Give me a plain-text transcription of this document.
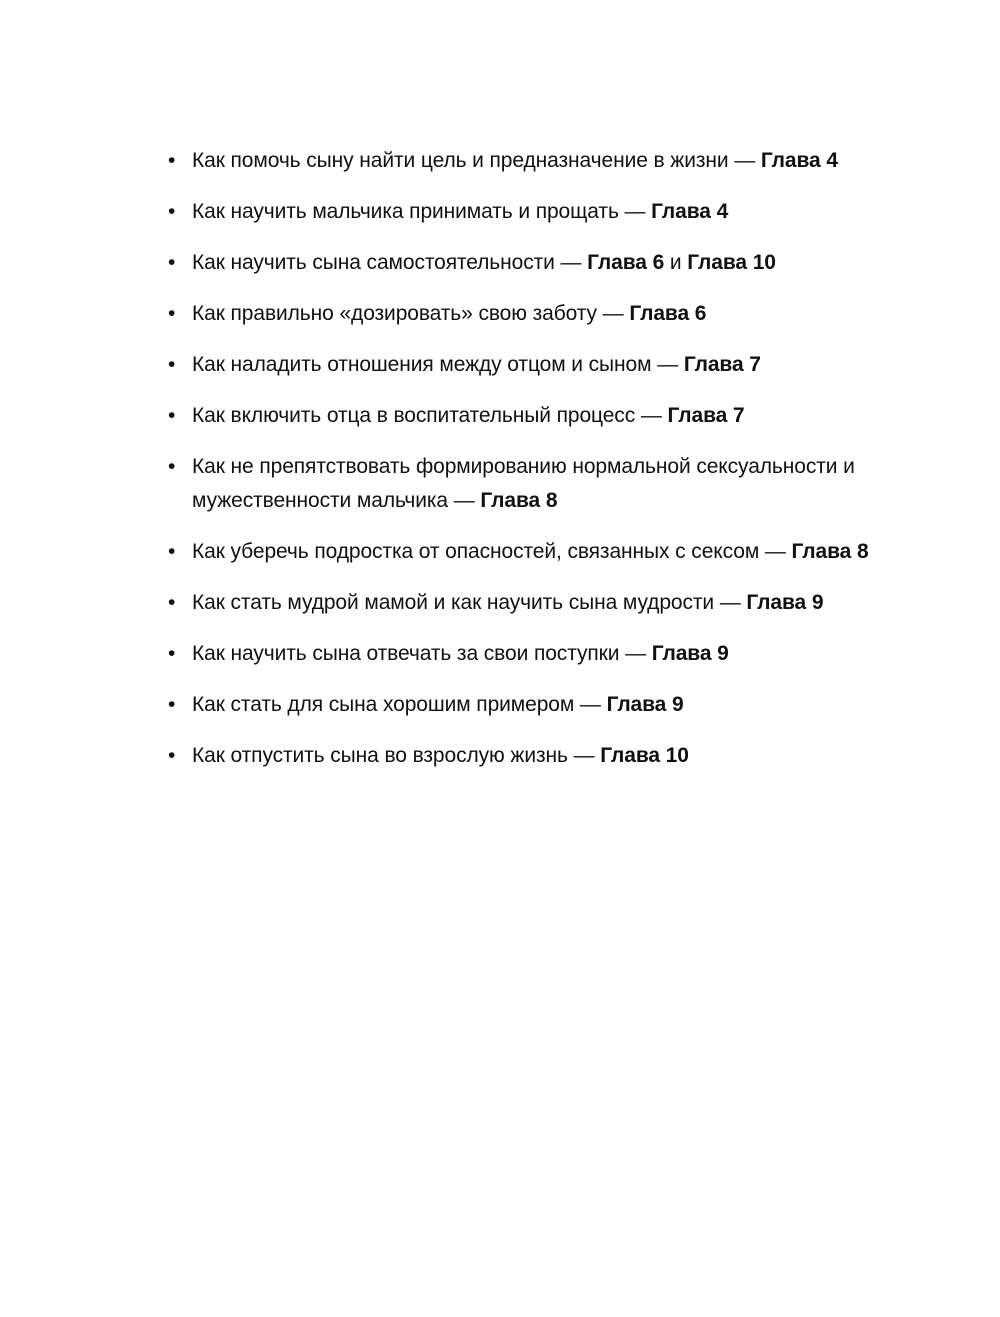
• Как помочь сыну найти цель и предназначение в жизни — Глава 4
• Как научить мальчика принимать и прощать — Глава 4
• Как научить сына самостоятельности — Глава 6 и Глава 10
• Как правильно «дозировать» свою заботу — Глава 6
• Как наладить отношения между отцом и сыном — Глава 7
• Как включить отца в воспитательный процесс — Глава 7
• Как не препятствовать формированию нормальной сексуальности и мужественности мальчика — Глава 8
• Как уберечь подростка от опасностей, связанных с сексом — Глава 8
• Как стать мудрой мамой и как научить сына мудрости — Глава 9
• Как научить сына отвечать за свои поступки — Глава 9
• Как стать для сына хорошим примером — Глава 9
• Как отпустить сына во взрослую жизнь — Глава 10
